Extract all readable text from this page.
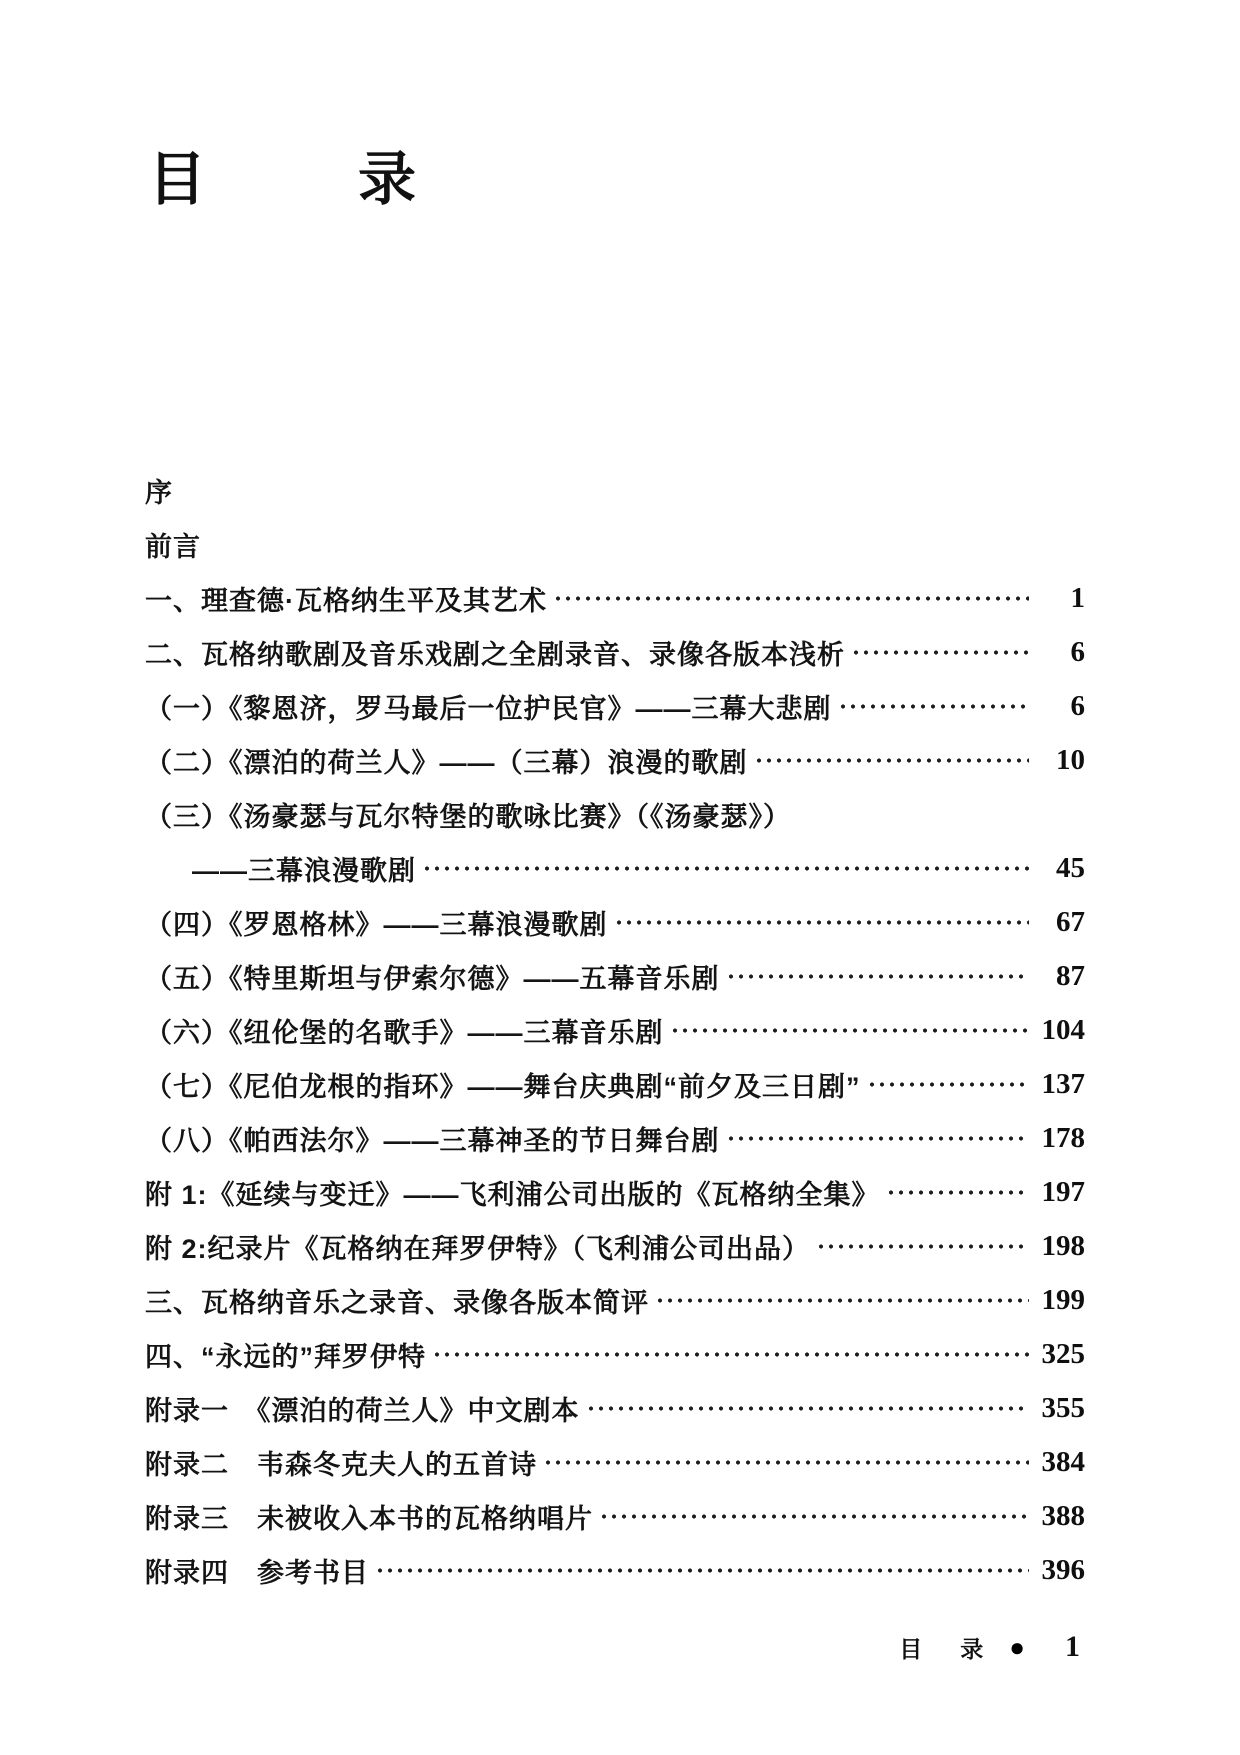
目	录
序
前言
一、理查德·瓦格纳生平及其艺术	1
二、瓦格纳歌剧及音乐戏剧之全剧录音、录像各版本浅析	6
（一）《黎恩济，罗马最后一位护民官》——三幕大悲剧	6
（二）《漂泊的荷兰人》——（三幕）浪漫的歌剧	10
（三）《汤豪瑟与瓦尔特堡的歌咏比赛》（《汤豪瑟》）
——三幕浪漫歌剧	45
（四）《罗恩格林》——三幕浪漫歌剧	67
（五）《特里斯坦与伊索尔德》——五幕音乐剧	87
（六）《纽伦堡的名歌手》——三幕音乐剧	104
（七）《尼伯龙根的指环》——舞台庆典剧“前夕及三日剧”	137
（八）《帕西法尔》——三幕神圣的节日舞台剧	178
附 1:《延续与变迁》——飞利浦公司出版的《瓦格纳全集》	197
附 2:纪录片《瓦格纳在拜罗伊特》（飞利浦公司出品）	198
三、瓦格纳音乐之录音、录像各版本简评	199
四、“永远的”拜罗伊特	325
附录一　《漂泊的荷兰人》中文剧本	355
附录二　韦森冬克夫人的五首诗	384
附录三　未被收入本书的瓦格纳唱片	388
附录四　参考书目	396
目 录 ● 1
